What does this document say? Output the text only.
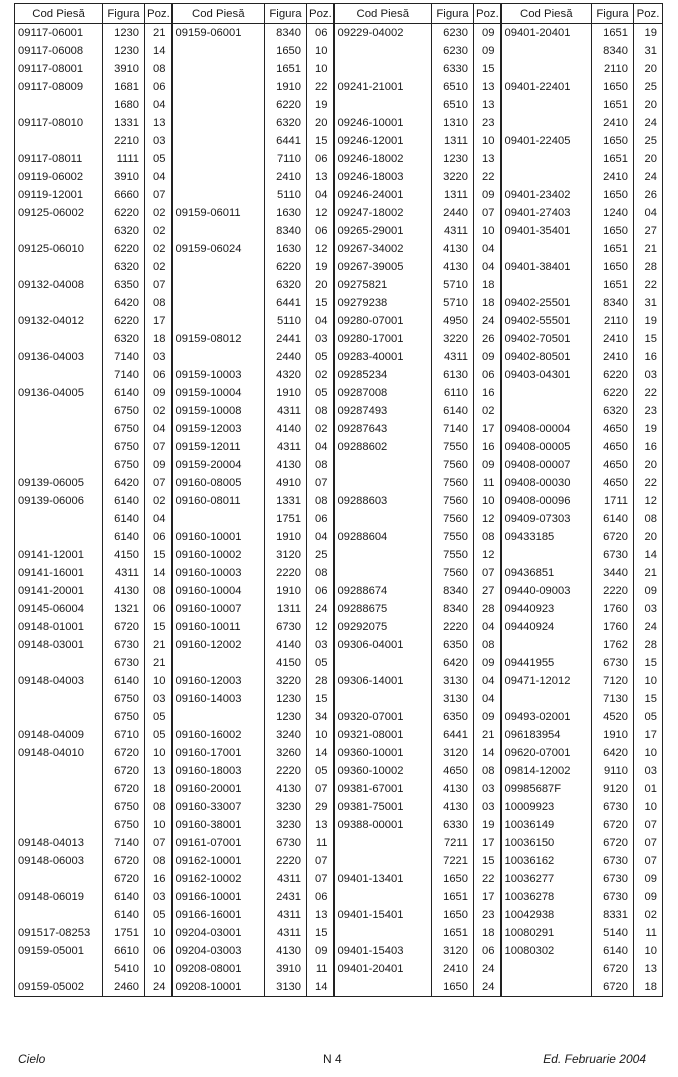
Cod Piesă	Figura	Poz.	Cod Piesă	Figura	Poz.	Cod Piesă	Figura	Poz.	Cod Piesă	Figura	Poz.
09117-06001	1230	21	09159-06001	8340	06	09229-04002	6230	09	09401-20401	1651	19
09117-06008	1230	14		1650	10		6230	09		8340	31
09117-08001	3910	08		1651	10		6330	15		2110	20
09117-08009	1681	06		1910	22	09241-21001	6510	13	09401-22401	1650	25
	1680	04		6220	19		6510	13		1651	20
09117-08010	1331	13		6320	20	09246-10001	1310	23		2410	24
	2210	03		6441	15	09246-12001	1311	10	09401-22405	1650	25
09117-08011	1111	05		7110	06	09246-18002	1230	13		1651	20
09119-06002	3910	04		2410	13	09246-18003	3220	22		2410	24
09119-12001	6660	07		5110	04	09246-24001	1311	09	09401-23402	1650	26
09125-06002	6220	02	09159-06011	1630	12	09247-18002	2440	07	09401-27403	1240	04
	6320	02		8340	06	09265-29001	4311	10	09401-35401	1650	27
09125-06010	6220	02	09159-06024	1630	12	09267-34002	4130	04		1651	21
	6320	02		6220	19	09267-39005	4130	04	09401-38401	1650	28
09132-04008	6350	07		6320	20	09275821	5710	18		1651	22
	6420	08		6441	15	09279238	5710	18	09402-25501	8340	31
09132-04012	6220	17		5110	04	09280-07001	4950	24	09402-55501	2110	19
	6320	18	09159-08012	2441	03	09280-17001	3220	26	09402-70501	2410	15
09136-04003	7140	03		2440	05	09283-40001	4311	09	09402-80501	2410	16
	7140	06	09159-10003	4320	02	09285234	6130	06	09403-04301	6220	03
09136-04005	6140	09	09159-10004	1910	05	09287008	6110	16		6220	22
	6750	02	09159-10008	4311	08	09287493	6140	02		6320	23
	6750	04	09159-12003	4140	02	09287643	7140	17	09408-00004	4650	19
	6750	07	09159-12011	4311	04	09288602	7550	16	09408-00005	4650	16
	6750	09	09159-20004	4130	08		7560	09	09408-00007	4650	20
09139-06005	6420	07	09160-08005	4910	07		7560	11	09408-00030	4650	22
09139-06006	6140	02	09160-08011	1331	08	09288603	7560	10	09408-00096	1711	12
	6140	04		1751	06		7560	12	09409-07303	6140	08
	6140	06	09160-10001	1910	04	09288604	7550	08	09433185	6720	20
09141-12001	4150	15	09160-10002	3120	25		7550	12		6730	14
09141-16001	4311	14	09160-10003	2220	08		7560	07	09436851	3440	21
09141-20001	4130	08	09160-10004	1910	06	09288674	8340	27	09440-09003	2220	09
09145-06004	1321	06	09160-10007	1311	24	09288675	8340	28	09440923	1760	03
09148-01001	6720	15	09160-10011	6730	12	09292075	2220	04	09440924	1760	24
09148-03001	6730	21	09160-12002	4140	03	09306-04001	6350	08		1762	28
	6730	21		4150	05		6420	09	09441955	6730	15
09148-04003	6140	10	09160-12003	3220	28	09306-14001	3130	04	09471-12012	7120	10
	6750	03	09160-14003	1230	15		3130	04		7130	15
	6750	05		1230	34	09320-07001	6350	09	09493-02001	4520	05
09148-04009	6710	05	09160-16002	3240	10	09321-08001	6441	21	096183954	1910	17
09148-04010	6720	10	09160-17001	3260	14	09360-10001	3120	14	09620-07001	6420	10
	6720	13	09160-18003	2220	05	09360-10002	4650	08	09814-12002	9110	03
	6720	18	09160-20001	4130	07	09381-67001	4130	03	09985687F	9120	01
	6750	08	09160-33007	3230	29	09381-75001	4130	03	10009923	6730	10
	6750	10	09160-38001	3230	13	09388-00001	6330	19	10036149	6720	07
09148-04013	7140	07	09161-07001	6730	11		7211	17	10036150	6720	07
09148-06003	6720	08	09162-10001	2220	07		7221	15	10036162	6730	07
	6720	16	09162-10002	4311	07	09401-13401	1650	22	10036277	6730	09
09148-06019	6140	03	09166-10001	2431	06		1651	17	10036278	6730	09
	6140	05	09166-16001	4311	13	09401-15401	1650	23	10042938	8331	02
091517-08253	1751	10	09204-03001	4311	15		1651	18	10080291	5140	11
09159-05001	6610	06	09204-03003	4130	09	09401-15403	3120	06	10080302	6140	10
	5410	10	09208-08001	3910	11	09401-20401	2410	24		6720	13
09159-05002	2460	24	09208-10001	3130	14		1650	24		6720	18
Cielo	N 4	Ed. Februarie 2004
